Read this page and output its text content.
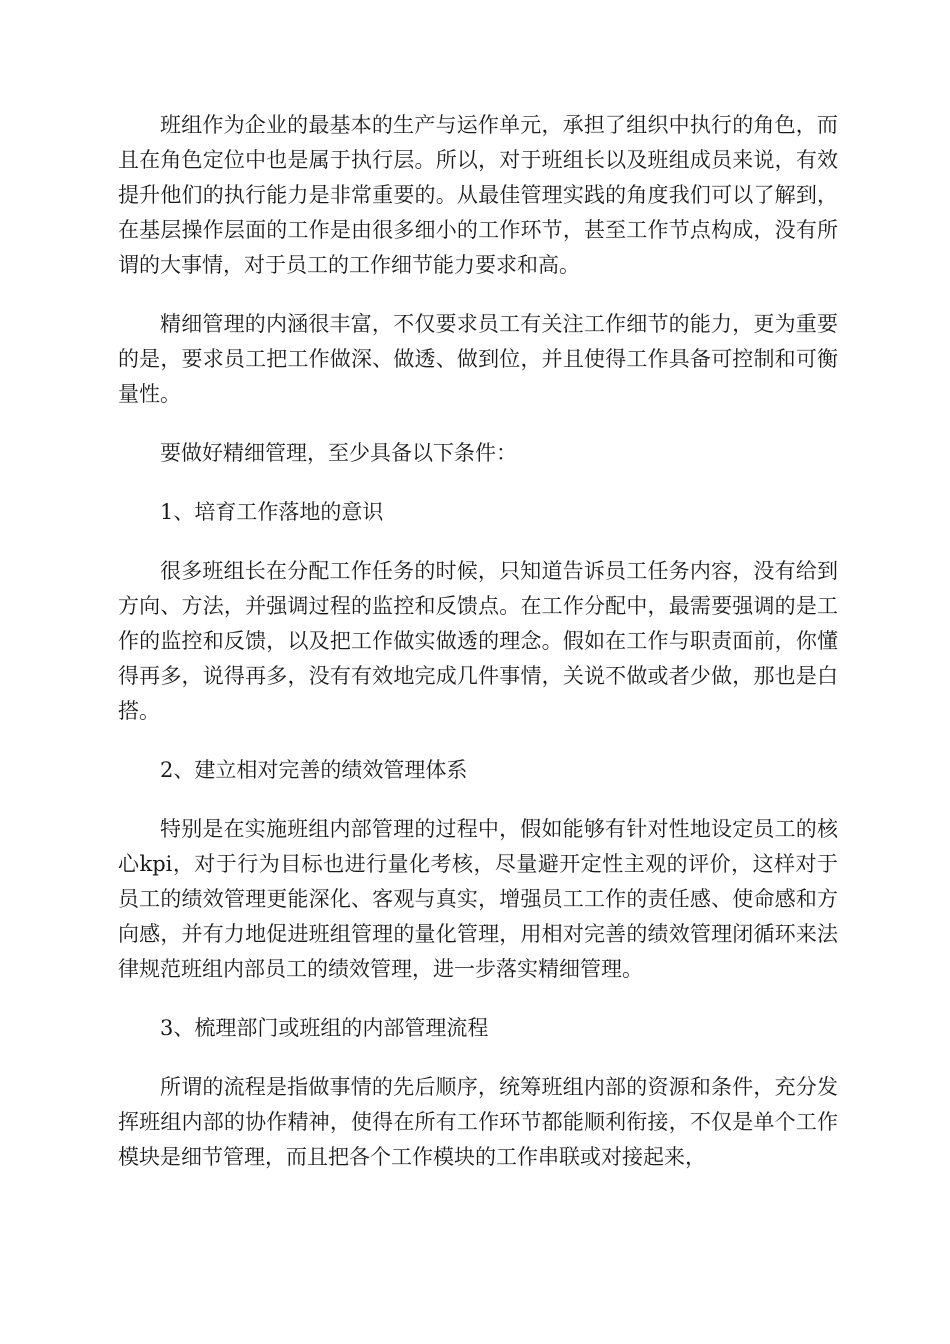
班组作为企业的最基本的生产与运作单元，承担了组织中执行的角色，而且在角色定位中也是属于执行层。所以，对于班组长以及班组成员来说，有效提升他们的执行能力是非常重要的。从最佳管理实践的角度我们可以了解到，在基层操作层面的工作是由很多细小的工作环节，甚至工作节点构成，没有所谓的大事情，对于员工的工作细节能力要求和高。

精细管理的内涵很丰富，不仅要求员工有关注工作细节的能力，更为重要的是，要求员工把工作做深、做透、做到位，并且使得工作具备可控制和可衡量性。

要做好精细管理，至少具备以下条件：

1、培育工作落地的意识

很多班组长在分配工作任务的时候，只知道告诉员工任务内容，没有给到方向、方法，并强调过程的监控和反馈点。在工作分配中，最需要强调的是工作的监控和反馈，以及把工作做实做透的理念。假如在工作与职责面前，你懂得再多，说得再多，没有有效地完成几件事情，关说不做或者少做，那也是白搭。

2、建立相对完善的绩效管理体系

特别是在实施班组内部管理的过程中，假如能够有针对性地设定员工的核心kpi，对于行为目标也进行量化考核，尽量避开定性主观的评价，这样对于员工的绩效管理更能深化、客观与真实，增强员工工作的责任感、使命感和方向感，并有力地促进班组管理的量化管理，用相对完善的绩效管理闭循环来法律规范班组内部员工的绩效管理，进一步落实精细管理。

3、梳理部门或班组的内部管理流程

所谓的流程是指做事情的先后顺序，统筹班组内部的资源和条件，充分发挥班组内部的协作精神，使得在所有工作环节都能顺利衔接，不仅是单个工作模块是细节管理，而且把各个工作模块的工作串联或对接起来，
